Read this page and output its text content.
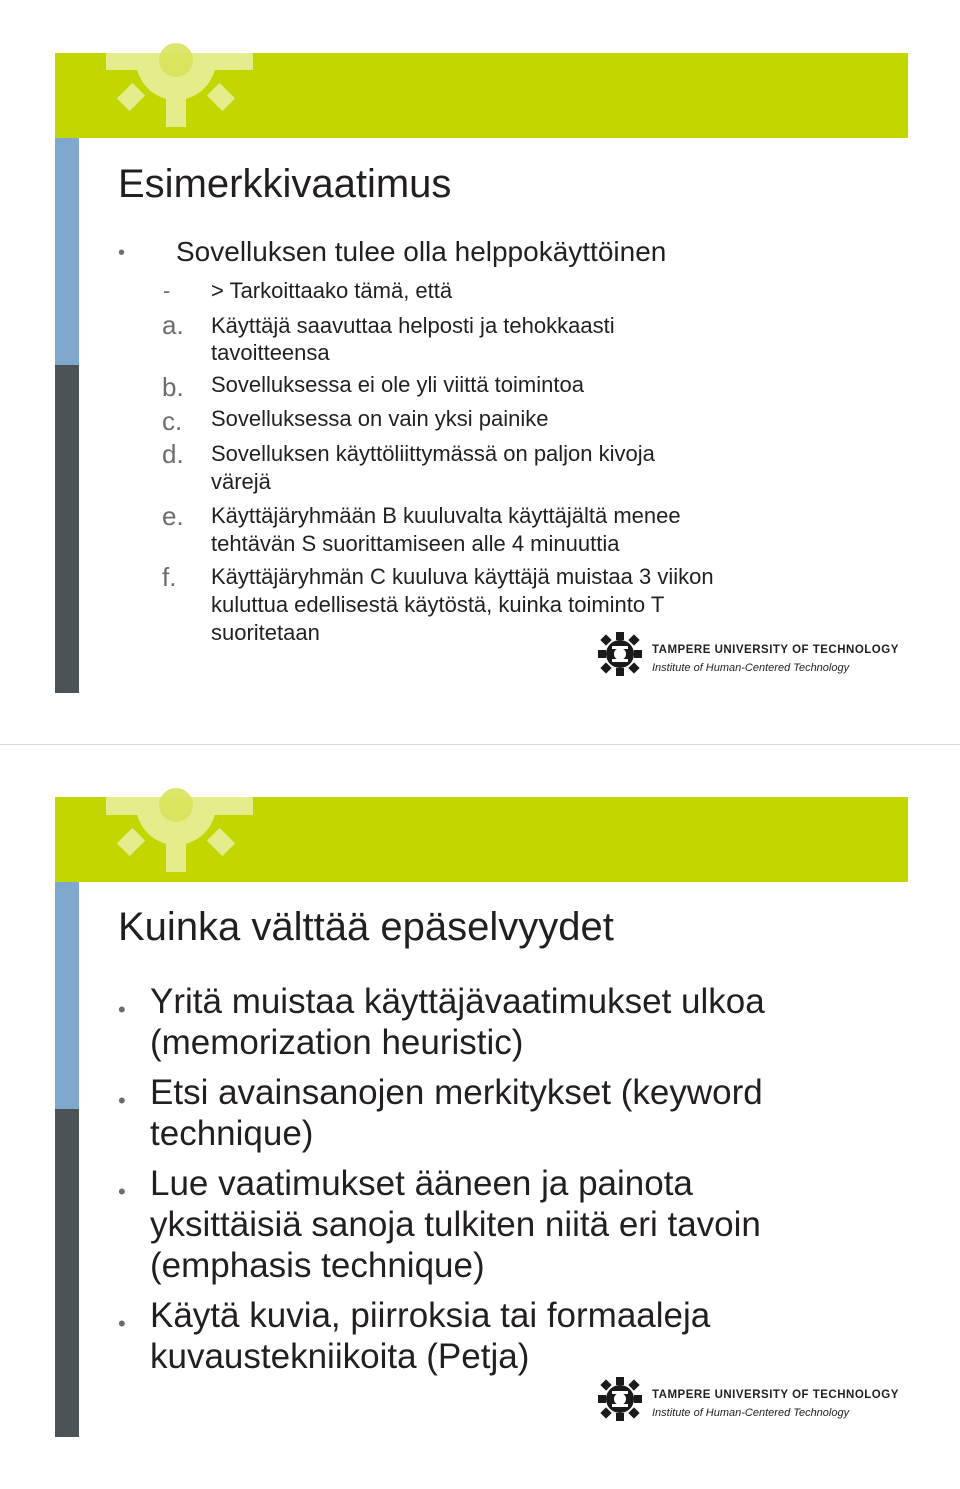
Esimerkkivaatimus
• Sovelluksen tulee olla helppokäyttöinen
- > Tarkoittaako tämä, että
a. Käyttäjä saavuttaa helposti ja tehokkaasti
tavoitteensa
b. Sovelluksessa ei ole yli viittä toimintoa
c. Sovelluksessa on vain yksi painike
d. Sovelluksen käyttöliittymässä on paljon kivoja
värejä
e. Käyttäjäryhmään B kuuluvalta käyttäjältä menee
tehtävän S suorittamiseen alle 4 minuuttia
f. Käyttäjäryhmän C kuuluva käyttäjä muistaa 3 viikon
kuluttua edellisestä käytöstä, kuinka toiminto T
suoritetaan
TAMPERE UNIVERSITY OF TECHNOLOGY
Institute of Human-Centered Technology
Kuinka välttää epäselvyydet
• Yritä muistaa käyttäjävaatimukset ulkoa
(memorization heuristic)
• Etsi avainsanojen merkitykset (keyword
technique)
• Lue vaatimukset ääneen ja painota
yksittäisiä sanoja tulkiten niitä eri tavoin
(emphasis technique)
• Käytä kuvia, piirroksia tai formaaleja
kuvaustekniikoita (Petja)
TAMPERE UNIVERSITY OF TECHNOLOGY
Institute of Human-Centered Technology
